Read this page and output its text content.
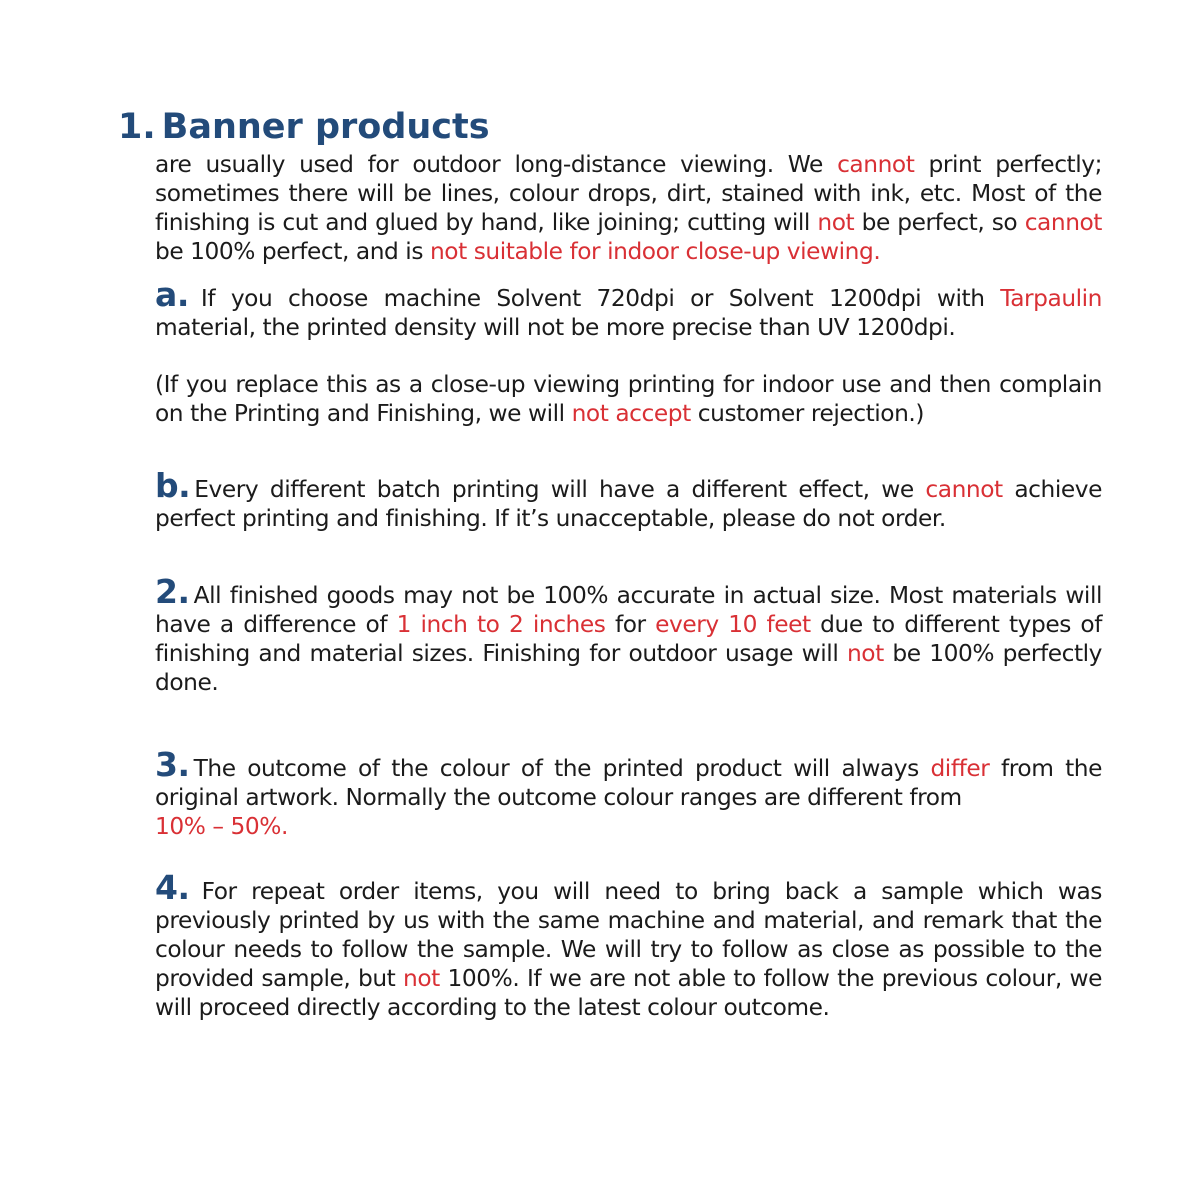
1. Banner products

are usually used for outdoor long-distance viewing. We cannot print perfectly; sometimes there will be lines, colour drops, dirt, stained with ink, etc. Most of the finishing is cut and glued by hand, like joining; cutting will not be perfect, so cannot be 100% perfect, and is not suitable for indoor close-up viewing.

a. If you choose machine Solvent 720dpi or Solvent 1200dpi with Tarpaulin material, the printed density will not be more precise than UV 1200dpi.

(If you replace this as a close-up viewing printing for indoor use and then complain on the Printing and Finishing, we will not accept customer rejection.)

b. Every different batch printing will have a different effect, we cannot achieve perfect printing and finishing. If it’s unacceptable, please do not order.

2. All finished goods may not be 100% accurate in actual size. Most materials will have a difference of 1 inch to 2 inches for every 10 feet due to different types of finishing and material sizes. Finishing for outdoor usage will not be 100% perfectly done.

3. The outcome of the colour of the printed product will always differ from the original artwork. Normally the outcome colour ranges are different from
10% – 50%.

4. For repeat order items, you will need to bring back a sample which was previously printed by us with the same machine and material, and remark that the colour needs to follow the sample. We will try to follow as close as possible to the provided sample, but not 100%. If we are not able to follow the previous colour, we will proceed directly according to the latest colour outcome.
